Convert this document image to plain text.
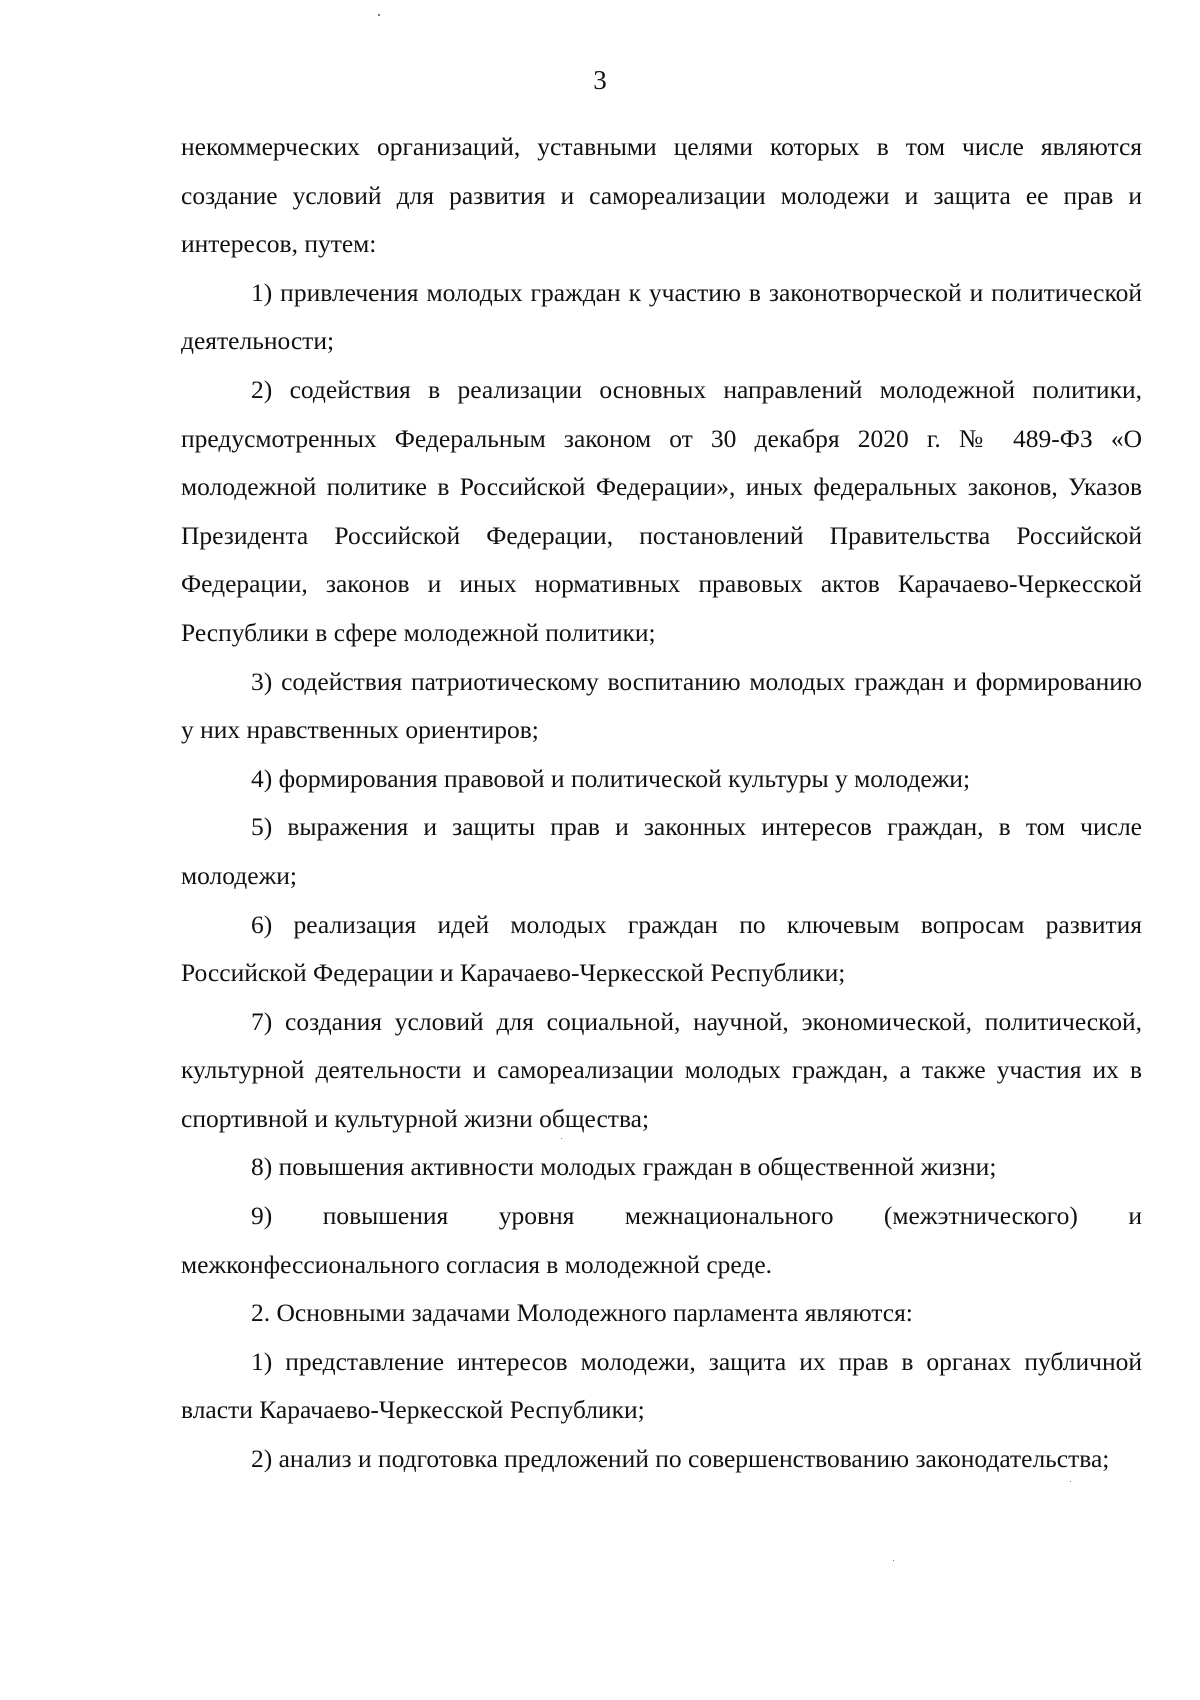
3

некоммерческих организаций, уставными целями которых в том числе являются создание условий для развития и самореализации молодежи и защита ее прав и интересов, путем:

1) привлечения молодых граждан к участию в законотворческой и политической деятельности;

2) содействия в реализации основных направлений молодежной политики, предусмотренных Федеральным законом от 30 декабря 2020 г. № 489-ФЗ «О молодежной политике в Российской Федерации», иных федеральных законов, Указов Президента Российской Федерации, постановлений Правительства Российской Федерации, законов и иных нормативных правовых актов Карачаево-Черкесской Республики в сфере молодежной политики;

3) содействия патриотическому воспитанию молодых граждан и формированию у них нравственных ориентиров;

4) формирования правовой и политической культуры у молодежи;

5) выражения и защиты прав и законных интересов граждан, в том числе молодежи;

6) реализация идей молодых граждан по ключевым вопросам развития Российской Федерации и Карачаево-Черкесской Республики;

7) создания условий для социальной, научной, экономической, политической, культурной деятельности и самореализации молодых граждан, а также участия их в спортивной и культурной жизни общества;

8) повышения активности молодых граждан в общественной жизни;

9) повышения уровня межнационального (межэтнического) и межконфессионального согласия в молодежной среде.

2. Основными задачами Молодежного парламента являются:

1) представление интересов молодежи, защита их прав в органах публичной власти Карачаево-Черкесской Республики;

2) анализ и подготовка предложений по совершенствованию законодательства;
